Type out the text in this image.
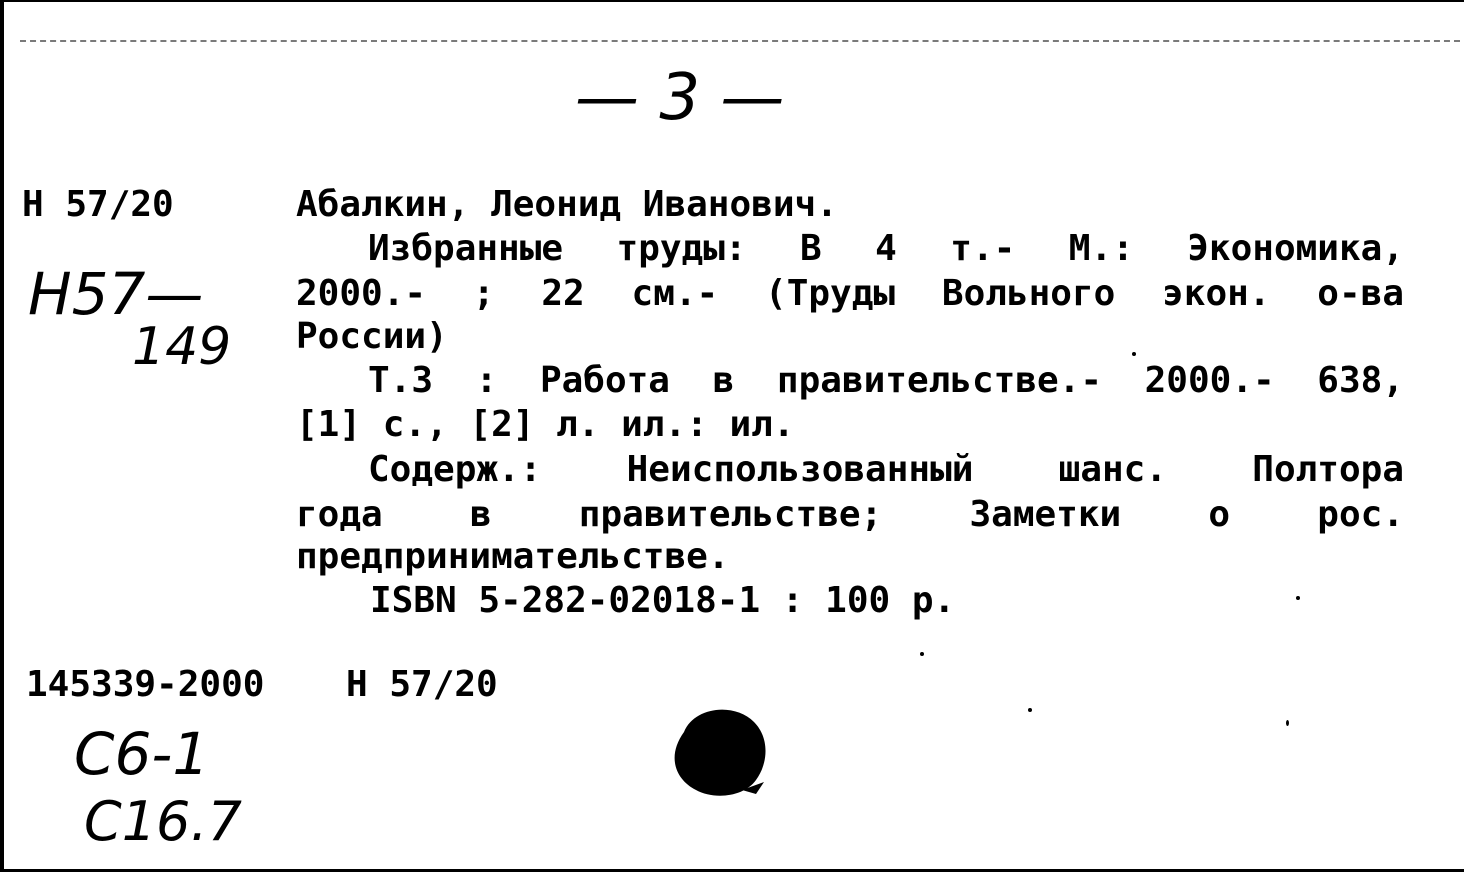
— 3 —
Н 57/20
Н57—
149
Абалкин, Леонид Иванович.
Избранные труды: В 4 т.- М.: Экономика,
2000.- ; 22 см.- (Труды Вольного экон. о-ва
России)
Т.3 : Работа в правительстве.- 2000.- 638,
[1] с., [2] л. ил.: ил.
Содерж.: Неиспользованный шанс. Полтора
года в правительстве; Заметки о рос.
предпринимательстве.
ISBN 5-282-02018-1 : 100 р.
145339-2000 Н 57/20
С6-1
С16.7
